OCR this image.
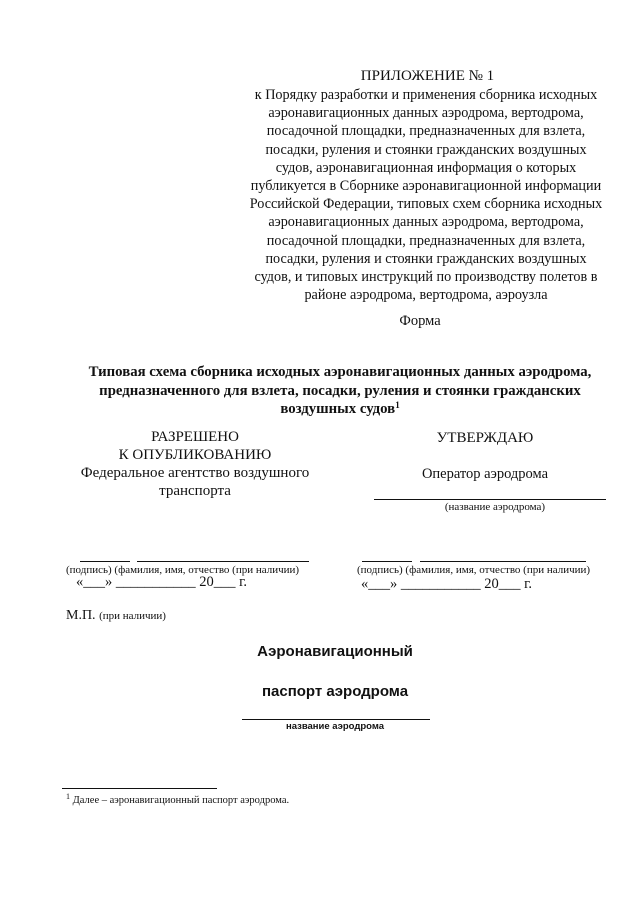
ПРИЛОЖЕНИЕ № 1
к Порядку разработки и применения сборника исходных
аэронавигационных данных аэродрома, вертодрома,
посадочной площадки, предназначенных для взлета,
посадки, руления и стоянки гражданских воздушных
судов, аэронавигационная информация о которых
публикуется в Сборнике аэронавигационной информации
Российской Федерации, типовых схем сборника исходных
аэронавигационных данных аэродрома, вертодрома,
посадочной площадки, предназначенных для взлета,
посадки, руления и стоянки гражданских воздушных
судов, и типовых инструкций по производству полетов в
районе аэродрома, вертодрома, аэроузла
Форма
Типовая схема сборника исходных аэронавигационных данных аэродрома,
предназначенного для взлета, посадки, руления и стоянки гражданских
воздушных судов$^1$
РАЗРЕШЕНО
К ОПУБЛИКОВАНИЮ
Федеральное агентство воздушного
транспорта
УТВЕРЖДАЮ
Оператор аэродрома
(название аэродрома)
(подпись) (фамилия, имя, отчество (при наличии)
«___» ___________ 20___ г.
(подпись) (фамилия, имя, отчество (при наличии)
«___» ___________ 20___ г.
М.П. (при наличии)
Аэронавигационный
паспорт аэродрома
название аэродрома
$^1$ Далее – аэронавигационный паспорт аэродрома.
